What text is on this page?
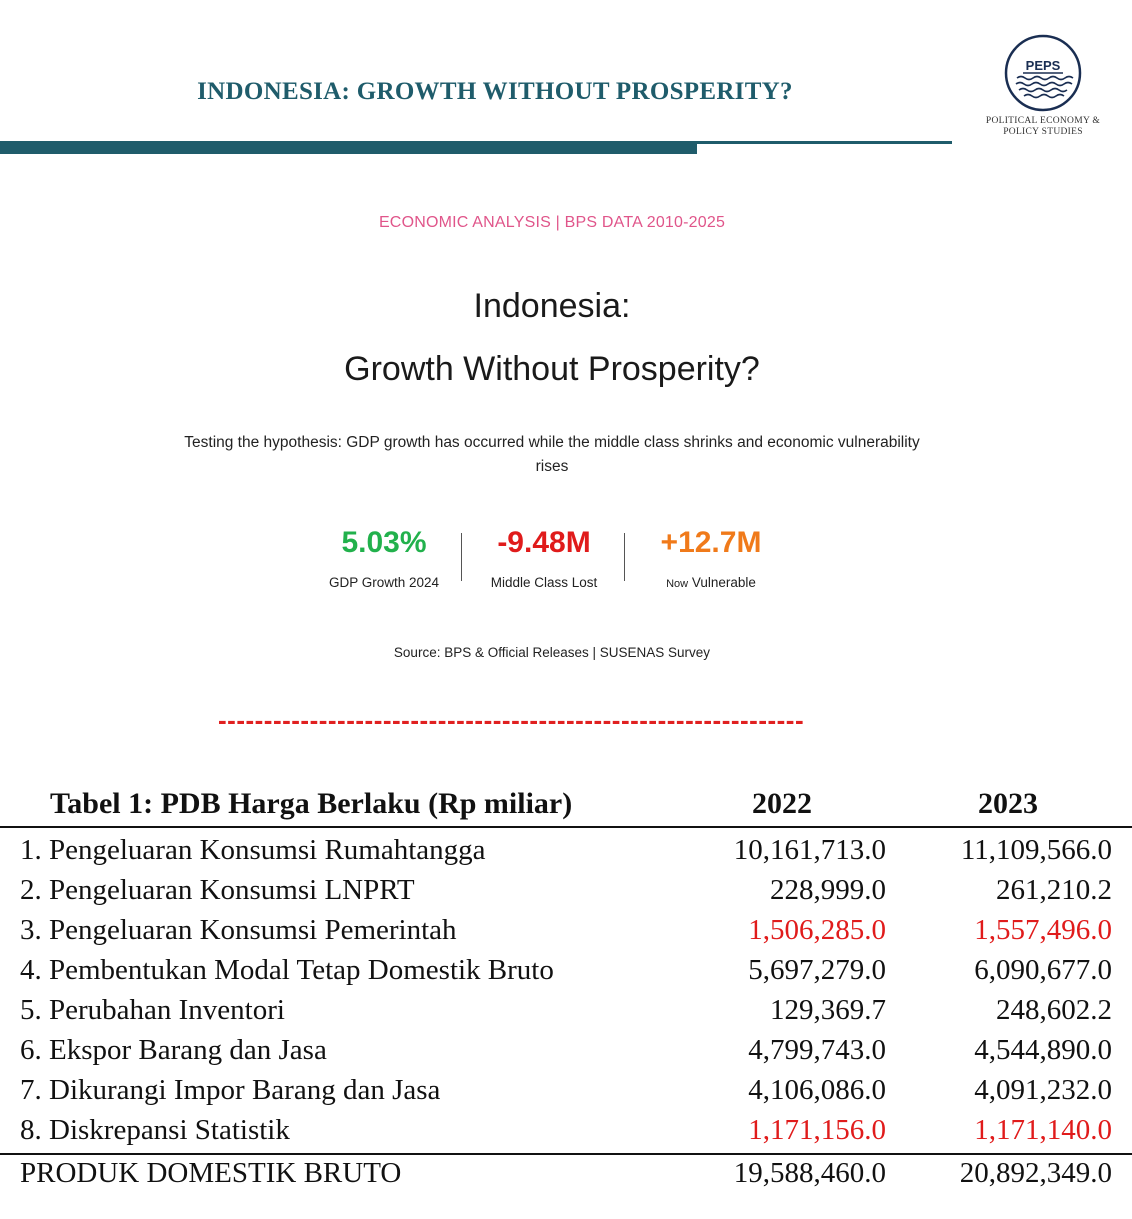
INDONESIA: GROWTH WITHOUT PROSPERITY?
PEPS
POLITICAL ECONOMY &
POLICY STUDIES
ECONOMIC ANALYSIS | BPS DATA 2010-2025
Indonesia:
Growth Without Prosperity?
Testing the hypothesis: GDP growth has occurred while the middle class shrinks and economic vulnerability rises
5.03%
GDP Growth 2024
-9.48M
Middle Class Lost
+12.7M
Now Vulnerable
Source: BPS & Official Releases | SUSENAS Survey
----------------------------------------------------------------
Tabel 1: PDB Harga Berlaku (Rp miliar)	2022	2023
1. Pengeluaran Konsumsi Rumahtangga	10,161,713.0	11,109,566.0
2. Pengeluaran Konsumsi LNPRT	228,999.0	261,210.2
3. Pengeluaran Konsumsi Pemerintah	1,506,285.0	1,557,496.0
4. Pembentukan Modal Tetap Domestik Bruto	5,697,279.0	6,090,677.0
5. Perubahan Inventori	129,369.7	248,602.2
6. Ekspor Barang dan Jasa	4,799,743.0	4,544,890.0
7. Dikurangi Impor Barang dan Jasa	4,106,086.0	4,091,232.0
8. Diskrepansi Statistik	1,171,156.0	1,171,140.0
PRODUK DOMESTIK BRUTO	19,588,460.0	20,892,349.0
